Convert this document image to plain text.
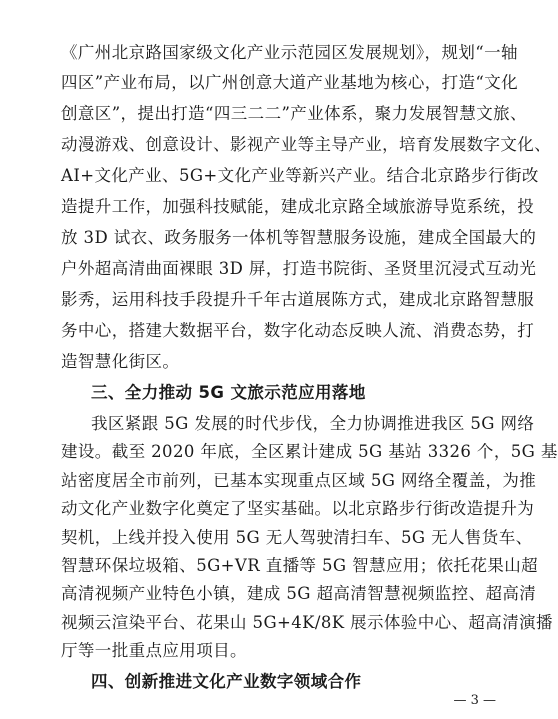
《广州北京路国家级文化产业示范园区发展规划》，规划“一轴
四区”产业布局，以广州创意大道产业基地为核心，打造“文化
创意区”，提出打造“四三二二”产业体系，聚力发展智慧文旅、
动漫游戏、创意设计、影视产业等主导产业，培育发展数字文化、
AI+文化产业、5G+文化产业等新兴产业。结合北京路步行街改
造提升工作，加强科技赋能，建成北京路全域旅游导览系统，投
放 3D 试衣、政务服务一体机等智慧服务设施，建成全国最大的
户外超高清曲面裸眼 3D 屏，打造书院街、圣贤里沉浸式互动光
影秀，运用科技手段提升千年古道展陈方式，建成北京路智慧服
务中心，搭建大数据平台，数字化动态反映人流、消费态势，打
造智慧化街区。
三、全力推动 5G 文旅示范应用落地
我区紧跟 5G 发展的时代步伐，全力协调推进我区 5G 网络
建设。截至 2020 年底，全区累计建成 5G 基站 3326 个，5G 基
站密度居全市前列，已基本实现重点区域 5G 网络全覆盖，为推
动文化产业数字化奠定了坚实基础。以北京路步行街改造提升为
契机，上线并投入使用 5G 无人驾驶清扫车、5G 无人售货车、
智慧环保垃圾箱、5G+VR 直播等 5G 智慧应用；依托花果山超
高清视频产业特色小镇，建成 5G 超高清智慧视频监控、超高清
视频云渲染平台、花果山 5G+4K/8K 展示体验中心、超高清演播
厅等一批重点应用项目。
四、创新推进文化产业数字领域合作
— 3 —
